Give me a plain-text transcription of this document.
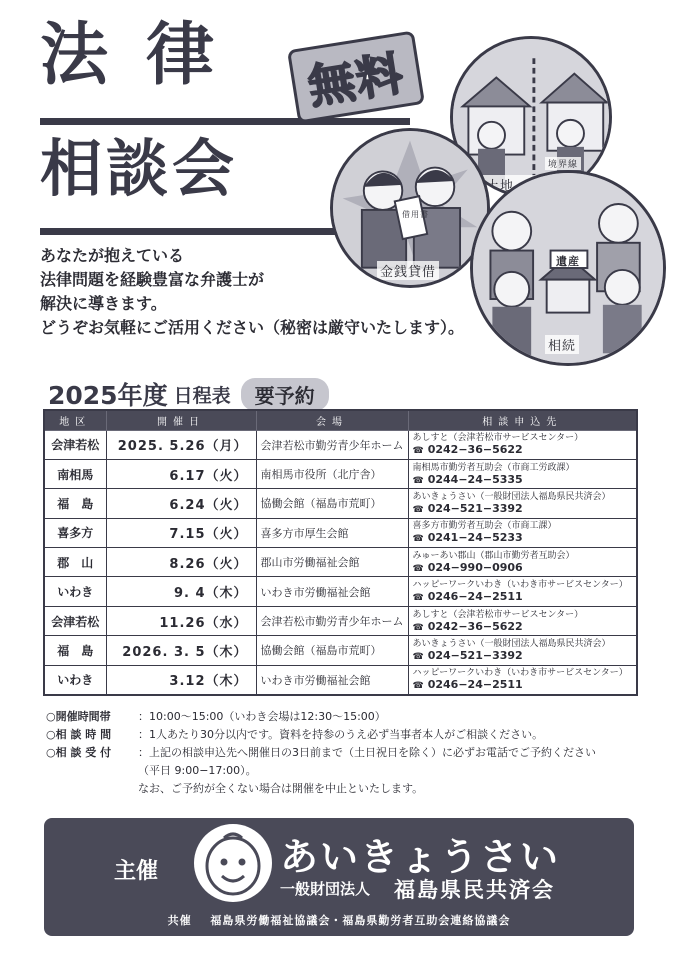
法律 無料
相談会	境界線
借用書
金銭貸借
遺産
相続

あなたが抱えている

法律問題を経験豊富な弁護士が

解決に導きます。

どうぞお気軽にご活用ください（秘密は厳守いたします）。

2025年度 日程表	要予約
地区	開催日	会場	相談申込先
会津若松	2025. 5.26（月）	会津若松市勤労青少年ホーム	あしすと（会津若松市サービスセンター）
☎ 0242−36−5622

南相馬	6.17（火）	南相馬市役所（北庁舎）	南相馬市勤労者互助会（市商工労政課）
☎ 0244−24−5335

福　島	6.24（火）	協働会館（福島市荒町）	あいきょうさい（一般財団法人福島県民共済会）
☎ 024−521−3392

喜多方	7.15（火）	喜多方市厚生会館	喜多方市勤労者互助会（市商工課）
☎ 0241−24−5233

郡　山	8.26（火）	郡山市労働福祉会館	みゅーあい郡山（郡山市勤労者互助会）
☎ 024−990−0906

いわき	9. 4（木）	いわき市労働福祉会館	ハッピーワークいわき（いわき市サービスセンター）
☎ 0246−24−2511

会津若松	11.26（水）	会津若松市勤労青少年ホーム	あしすと（会津若松市サービスセンター）
☎ 0242−36−5622

福　島	2026. 3. 5（木）	協働会館（福島市荒町）	あいきょうさい（一般財団法人福島県民共済会）
☎ 024−521−3392

いわき	3.12（木）	いわき市労働福祉会館	ハッピーワークいわき（いわき市サービスセンター）
☎ 0246−24−2511
○開催時間帯	：10:00〜15:00（いわき会場は12:30〜15:00）
○相 談 時 間	：1人あたり30分以内です。資料を持参のうえ必ず当事者本人がご相談ください。
○相 談 受 付	：上記の相談申込先へ開催日の3日前まで（土日祝日を除く）に必ずお電話でご予約ください
（平日 9:00−17:00）。
なお、ご予約が全くない場合は開催を中止といたします。
主催	あいきょうさい
一般財団法人 福島県民共済会
共催 福島県労働福祉協議会・福島県勤労者互助会連絡協議会
